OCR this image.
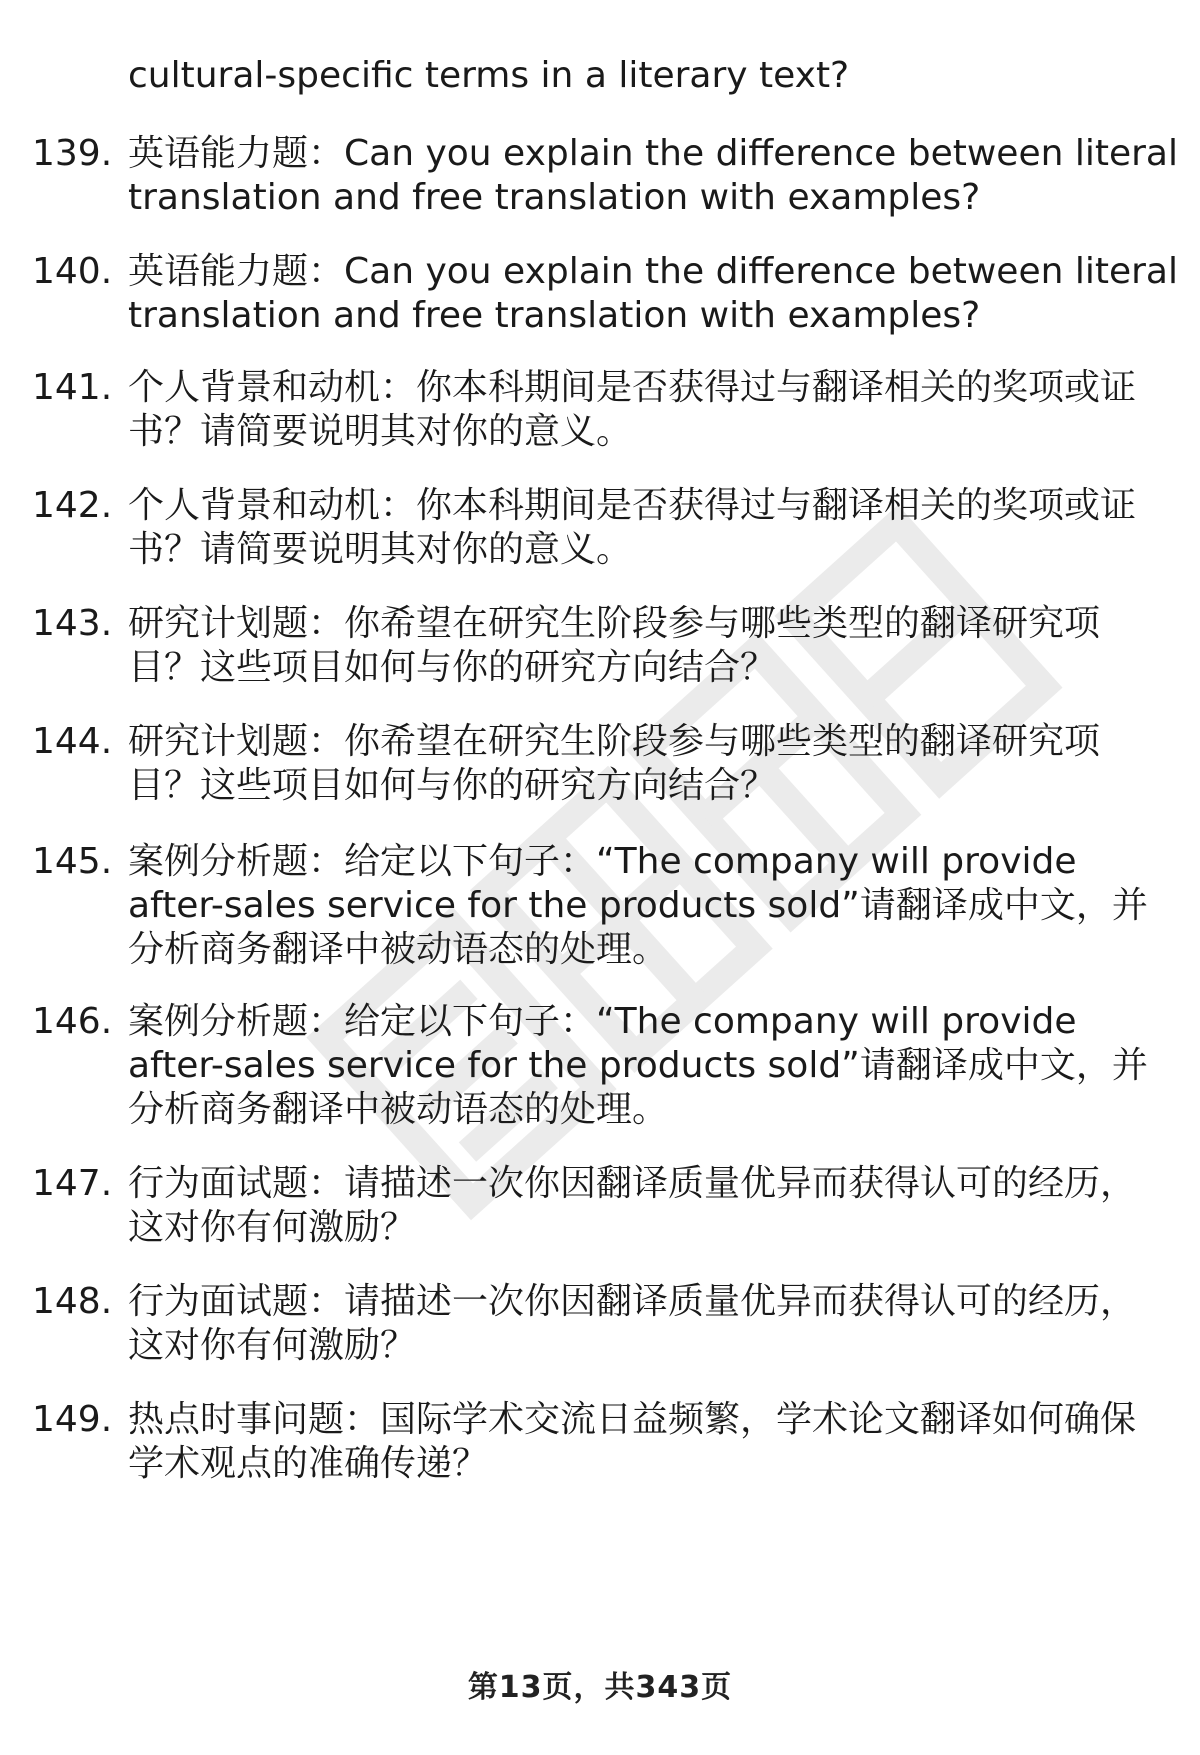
cultural-specific terms in a literary text?
139. 英语能力题：Can you explain the difference between literal
translation and free translation with examples?
140. 英语能力题：Can you explain the difference between literal
translation and free translation with examples?
141. 个人背景和动机：你本科期间是否获得过与翻译相关的奖项或证
书？请简要说明其对你的意义。
142. 个人背景和动机：你本科期间是否获得过与翻译相关的奖项或证
书？请简要说明其对你的意义。
143. 研究计划题：你希望在研究生阶段参与哪些类型的翻译研究项
目？这些项目如何与你的研究方向结合？
144. 研究计划题：你希望在研究生阶段参与哪些类型的翻译研究项
目？这些项目如何与你的研究方向结合？
145. 案例分析题：给定以下句子：“The company will provide
after-sales service for the products sold”请翻译成中文，并
分析商务翻译中被动语态的处理。
146. 案例分析题：给定以下句子：“The company will provide
after-sales service for the products sold”请翻译成中文，并
分析商务翻译中被动语态的处理。
147. 行为面试题：请描述一次你因翻译质量优异而获得认可的经历，
这对你有何激励？
148. 行为面试题：请描述一次你因翻译质量优异而获得认可的经历，
这对你有何激励？
149. 热点时事问题：国际学术交流日益频繁，学术论文翻译如何确保
学术观点的准确传递？
第13页，共343页
